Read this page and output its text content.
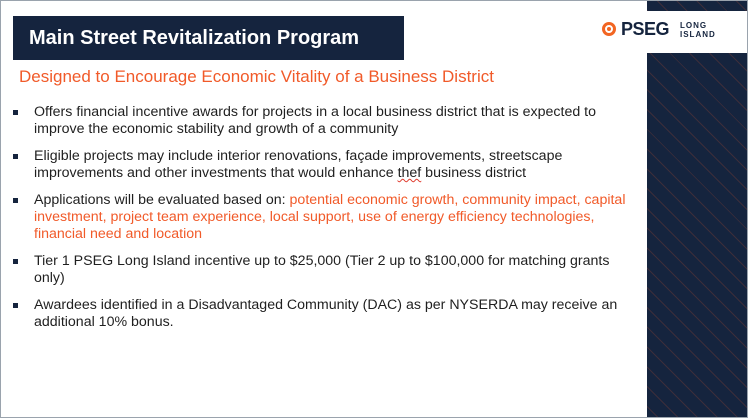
PSEG LONG
ISLAND
Main Street Revitalization Program
Designed to Encourage Economic Vitality of a Business District
Offers financial incentive awards for projects in a local business district that is expected to improve the economic stability and growth of a community
Eligible projects may include interior renovations, façade improvements, streetscape improvements and other investments that would enhance thef business district
Applications will be evaluated based on: potential economic growth, community impact, capital investment, project team experience, local support, use of energy efficiency technologies, financial need and location
Tier 1 PSEG Long Island incentive up to $25,000 (Tier 2 up to $100,000 for matching grants only)
Awardees identified in a Disadvantaged Community (DAC) as per NYSERDA may receive an additional 10% bonus.
